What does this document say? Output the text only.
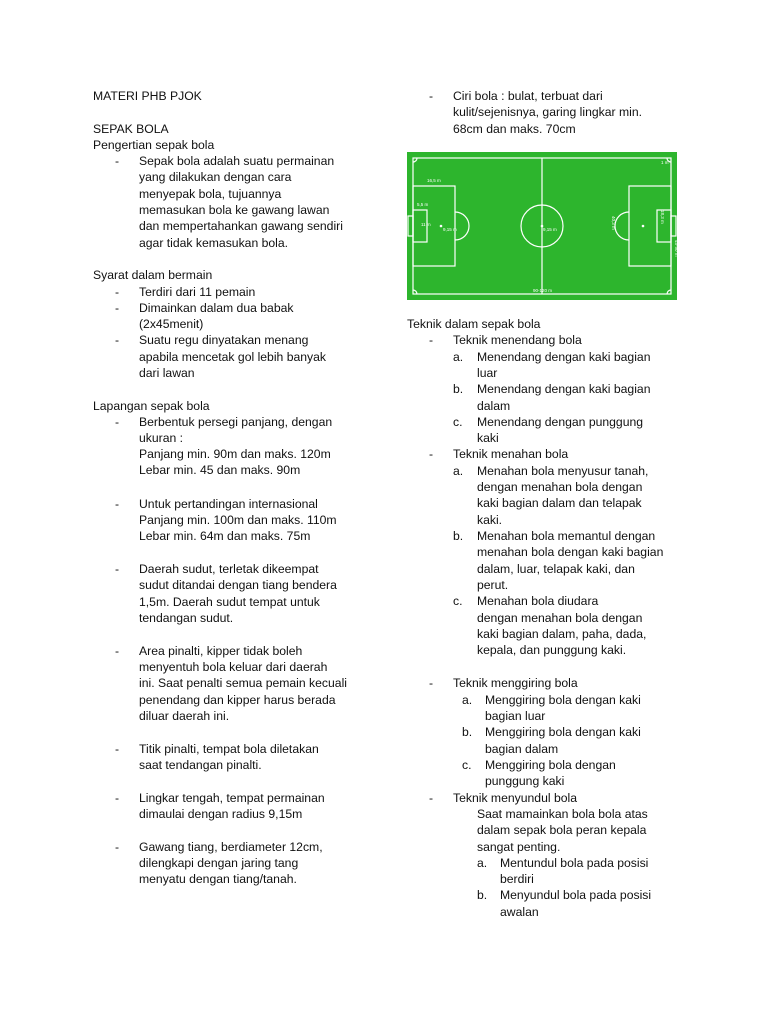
MATERI PHB PJOK
SEPAK BOLA
Pengertian sepak bola
- Sepak bola adalah suatu permainan
yang dilakukan dengan cara
menyepak bola, tujuannya
memasukan bola ke gawang lawan
dan mempertahankan gawang sendiri
agar tidak kemasukan bola.
Syarat dalam bermain
- Terdiri dari 11 pemain
- Dimainkan dalam dua babak
(2x45menit)
- Suatu regu dinyatakan menang
apabila mencetak gol lebih banyak
dari lawan
Lapangan sepak bola
- Berbentuk persegi panjang, dengan
ukuran :
Panjang min. 90m dan maks. 120m
Lebar min. 45 dan maks. 90m
- Untuk pertandingan internasional
Panjang min. 100m dan maks. 110m
Lebar min. 64m dan maks. 75m
- Daerah sudut, terletak dikeempat
sudut ditandai dengan tiang bendera
1,5m. Daerah sudut tempat untuk
tendangan sudut.
- Area pinalti, kipper tidak boleh
menyentuh bola keluar dari daerah
ini. Saat penalti semua pemain kecuali
penendang dan kipper harus berada
diluar daerah ini.
- Titik pinalti, tempat bola diletakan
saat tendangan pinalti.
- Lingkar tengah, tempat permainan
dimaulai dengan radius 9,15m
- Gawang tiang, berdiameter 12cm,
dilengkapi dengan jaring tang
menyatu dengan tiang/tanah.
- Ciri bola : bulat, terbuat dari
kulit/sejenisnya, garing lingkar min.
68cm dan maks. 70cm
16,5 m
5,5 m
11 m
9,15 m	9,15 m
90-120 m
1 m
45-90 m
40,3 m	18,3 m
Teknik dalam sepak bola
- Teknik menendang bola
a. Menendang dengan kaki bagian
luar
b. Menendang dengan kaki bagian
dalam
c. Menendang dengan punggung
kaki
- Teknik menahan bola
a. Menahan bola menyusur tanah,
dengan menahan bola dengan
kaki bagian dalam dan telapak
kaki.
b. Menahan bola memantul dengan
menahan bola dengan kaki bagian
dalam, luar, telapak kaki, dan
perut.
c. Menahan bola diudara
dengan menahan bola dengan
kaki bagian dalam, paha, dada,
kepala, dan punggung kaki.
- Teknik menggiring bola
a. Menggiring bola dengan kaki
bagian luar
b. Menggiring bola dengan kaki
bagian dalam
c. Menggiring bola dengan
punggung kaki
- Teknik menyundul bola
Saat mamainkan bola bola atas
dalam sepak bola peran kepala
sangat penting.
a. Mentundul bola pada posisi
berdiri
b. Menyundul bola pada posisi
awalan
